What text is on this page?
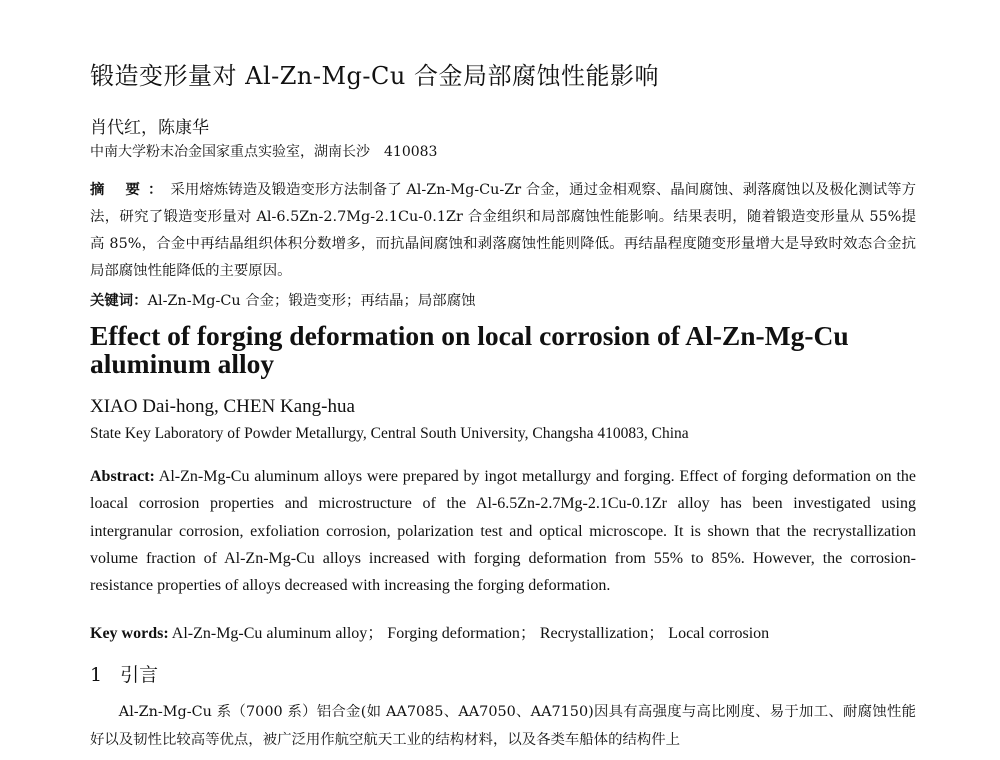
锻造变形量对 Al-Zn-Mg-Cu 合金局部腐蚀性能影响
肖代红，陈康华
中南大学粉末冶金国家重点实验室，湖南长沙　410083
摘 要：采用熔炼铸造及锻造变形方法制备了 Al-Zn-Mg-Cu-Zr 合金，通过金相观察、晶间腐蚀、剥落腐蚀以及极化测试等方法，研究了锻造变形量对 Al-6.5Zn-2.7Mg-2.1Cu-0.1Zr 合金组织和局部腐蚀性能影响。结果表明，随着锻造变形量从 55%提高 85%，合金中再结晶组织体积分数增多，而抗晶间腐蚀和剥落腐蚀性能则降低。再结晶程度随变形量增大是导致时效态合金抗局部腐蚀性能降低的主要原因。
关键词：Al-Zn-Mg-Cu 合金；锻造变形；再结晶；局部腐蚀
Effect of forging deformation on local corrosion of Al-Zn-Mg-Cu aluminum alloy
XIAO Dai-hong, CHEN Kang-hua
State Key Laboratory of Powder Metallurgy, Central South University, Changsha 410083, China
Abstract: Al-Zn-Mg-Cu aluminum alloys were prepared by ingot metallurgy and forging. Effect of forging deformation on the loacal corrosion properties and microstructure of the Al-6.5Zn-2.7Mg-2.1Cu-0.1Zr alloy has been investigated using intergranular corrosion, exfoliation corrosion, polarization test and optical microscope. It is shown that the recrystallization volume fraction of Al-Zn-Mg-Cu alloys increased with forging deformation from 55% to 85%. However, the corrosion-resistance properties of alloys decreased with increasing the forging deformation.
Key words: Al-Zn-Mg-Cu aluminum alloy； Forging deformation； Recrystallization； Local corrosion
1 引言
Al-Zn-Mg-Cu 系（7000 系）铝合金(如 AA7085、AA7050、AA7150)因具有高强度与高比刚度、易于加工、耐腐蚀性能好以及韧性比较高等优点，被广泛用作航空航天工业的结构材料，以及各类车船体的结构件上
